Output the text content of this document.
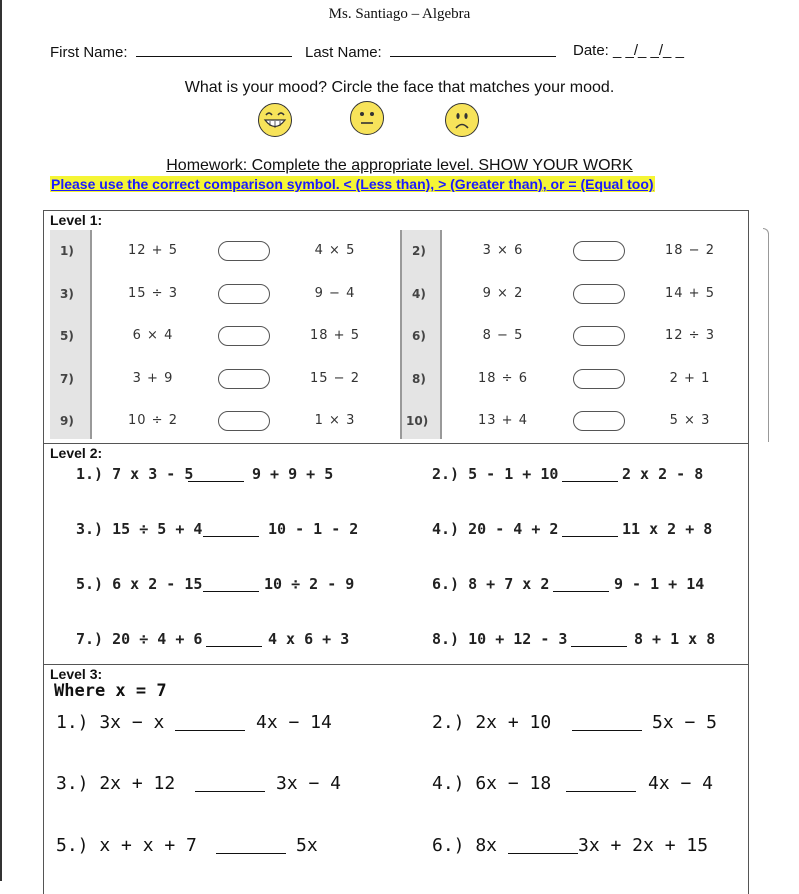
Ms. Santiago – Algebra
First Name:	Last Name:	Date: _ _/_ _/_ _
What is your mood? Circle the face that matches your mood.
Homework: Complete the appropriate level. SHOW YOUR WORK
Please use the correct comparison symbol. < (Less than), > (Greater than), or = (Equal too)
Level 1:
1)	12 + 5	4 × 5
3)	15 ÷ 3	9 − 4
5)	6 × 4	18 + 5
7)	3 + 9	15 − 2
9)	10 ÷ 2	1 × 3
2)	3 × 6	18 − 2
4)	9 × 2	14 + 5
6)	8 − 5	12 ÷ 3
8)	18 ÷ 6	2 + 1
10)	13 + 4	5 × 3
Level 2:
1.) 7 x 3 - 5	9 + 9 + 5	2.) 5 - 1 + 10	2 x 2 - 8
3.) 15 ÷ 5 + 4	10 - 1 - 2	4.) 20 - 4 + 2	11 x 2 + 8
5.) 6 x 2 - 15	10 ÷ 2 - 9	6.) 8 + 7 x 2	9 - 1 + 14
7.) 20 ÷ 4 + 6	4 x 6 + 3	8.) 10 + 12 - 3	8 + 1 x 8
Level 3:
Where x = 7
1.) 3x − x	4x − 14	2.) 2x + 10	5x − 5
3.) 2x + 12	3x − 4	4.) 6x − 18	4x − 4
5.) x + x + 7	5x	6.) 8x	3x + 2x + 15
